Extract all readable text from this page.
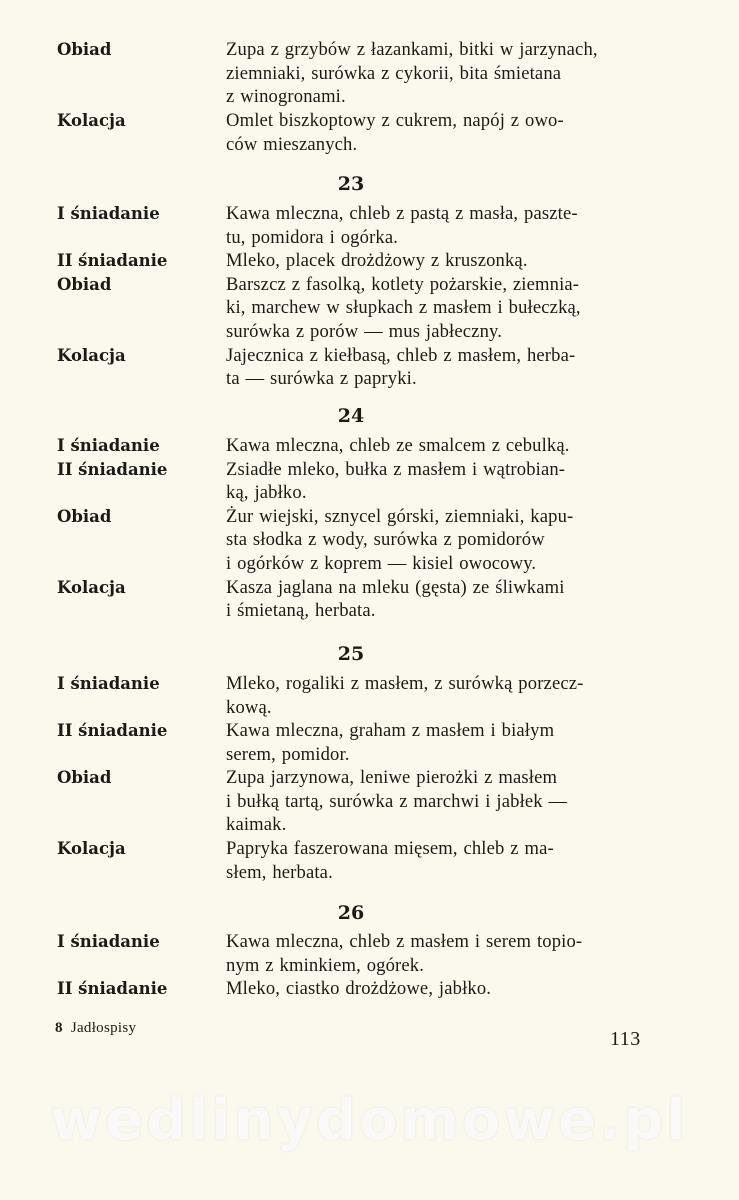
Obiad	Zupa z grzybów z łazankami, bitki w jarzynach,
ziemniaki, surówka z cykorii, bita śmietana
z winogronami.
Kolacja	Omlet biszkoptowy z cukrem, napój z owo-
ców mieszanych.
23
I śniadanie	Kawa mleczna, chleb z pastą z masła, paszte-
tu, pomidora i ogórka.
II śniadanie	Mleko, placek drożdżowy z kruszonką.
Obiad	Barszcz z fasolką, kotlety pożarskie, ziemnia-
ki, marchew w słupkach z masłem i bułeczką,
surówka z porów — mus jabłeczny.
Kolacja	Jajecznica z kiełbasą, chleb z masłem, herba-
ta — surówka z papryki.
24
I śniadanie	Kawa mleczna, chleb ze smalcem z cebulką.
II śniadanie	Zsiadłe mleko, bułka z masłem i wątrobian-
ką, jabłko.
Obiad	Żur wiejski, sznycel górski, ziemniaki, kapu-
sta słodka z wody, surówka z pomidorów
i ogórków z koprem — kisiel owocowy.
Kolacja	Kasza jaglana na mleku (gęsta) ze śliwkami
i śmietaną, herbata.
25
I śniadanie	Mleko, rogaliki z masłem, z surówką porzecz-
kową.
II śniadanie	Kawa mleczna, graham z masłem i białym
serem, pomidor.
Obiad	Zupa jarzynowa, leniwe pierożki z masłem
i bułką tartą, surówka z marchwi i jabłek —
kaimak.
Kolacja	Papryka faszerowana mięsem, chleb z ma-
słem, herbata.
26
I śniadanie	Kawa mleczna, chleb z masłem i serem topio-
nym z kminkiem, ogórek.
II śniadanie	Mleko, ciastko drożdżowe, jabłko.
8 Jadłospisy	113
wedlinydomowe.pl
